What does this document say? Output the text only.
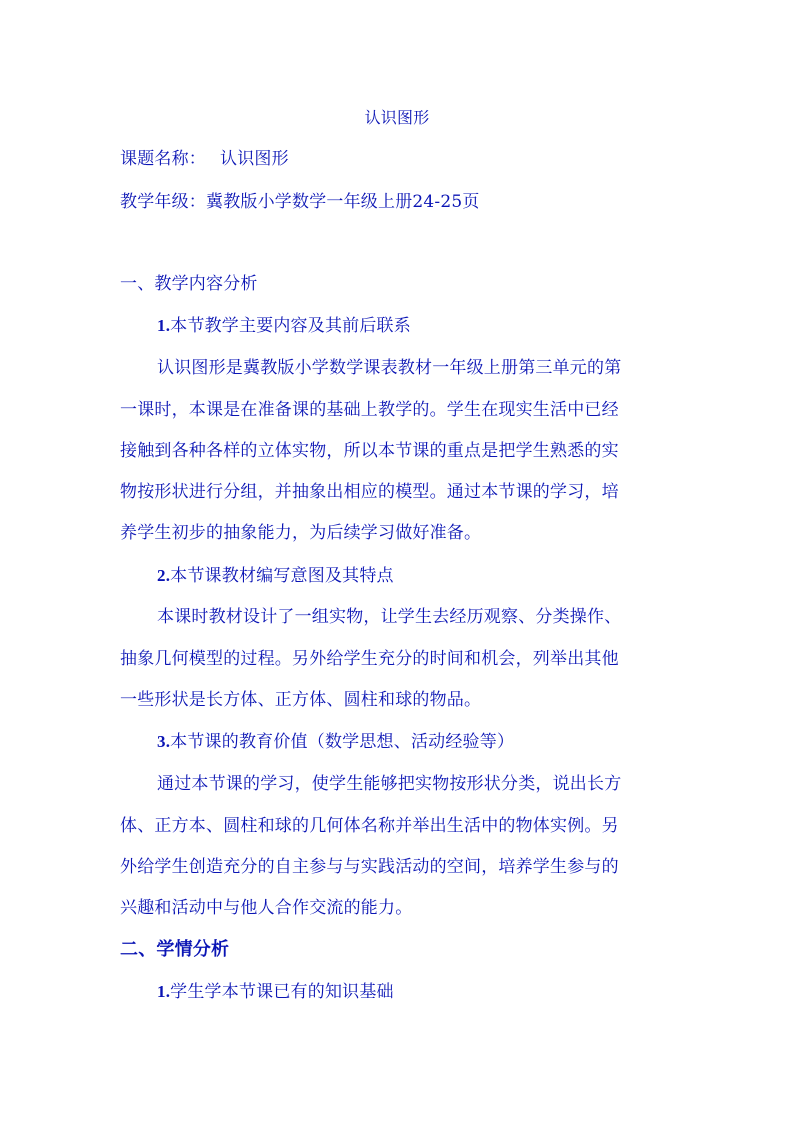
认识图形
课题名称： 认识图形
教学年级：冀教版小学数学一年级上册24-25页
一、教学内容分析
1.本节教学主要内容及其前后联系
认识图形是冀教版小学数学课表教材一年级上册第三单元的第
一课时，本课是在准备课的基础上教学的。学生在现实生活中已经
接触到各种各样的立体实物，所以本节课的重点是把学生熟悉的实
物按形状进行分组，并抽象出相应的模型。通过本节课的学习，培
养学生初步的抽象能力，为后续学习做好准备。
2.本节课教材编写意图及其特点
本课时教材设计了一组实物，让学生去经历观察、分类操作、
抽象几何模型的过程。另外给学生充分的时间和机会，列举出其他
一些形状是长方体、正方体、圆柱和球的物品。
3.本节课的教育价值（数学思想、活动经验等）
通过本节课的学习，使学生能够把实物按形状分类，说出长方
体、正方本、圆柱和球的几何体名称并举出生活中的物体实例。另
外给学生创造充分的自主参与与实践活动的空间，培养学生参与的
兴趣和活动中与他人合作交流的能力。
二、学情分析
1.学生学本节课已有的知识基础
